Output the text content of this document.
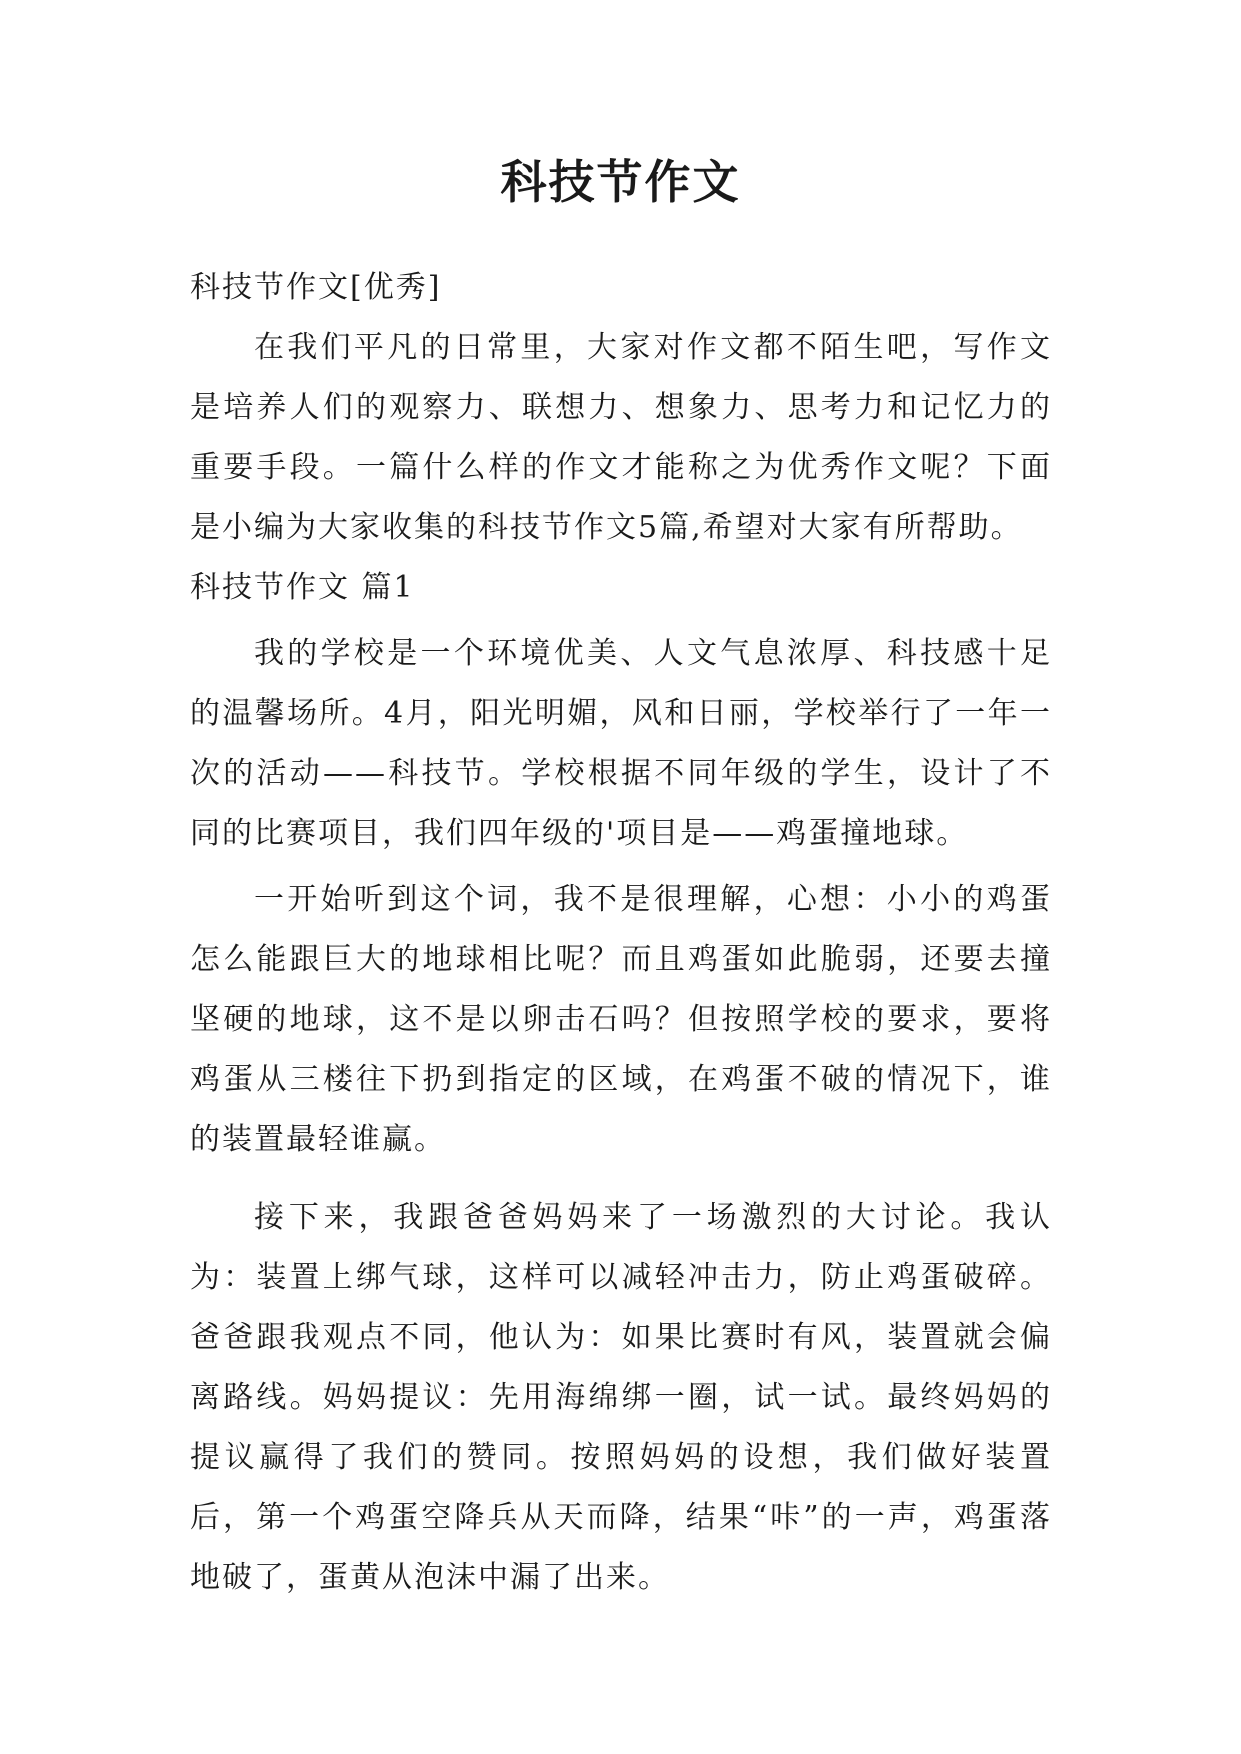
科技节作文
科技节作文[优秀]

在我们平凡的日常里，大家对作文都不陌生吧，写作文是培养人们的观察力、联想力、想象力、思考力和记忆力的重要手段。一篇什么样的作文才能称之为优秀作文呢？下面是小编为大家收集的科技节作文5篇,希望对大家有所帮助。

科技节作文 篇1

我的学校是一个环境优美、人文气息浓厚、科技感十足的温馨场所。4月，阳光明媚，风和日丽，学校举行了一年一次的活动——科技节。学校根据不同年级的学生，设计了不同的比赛项目，我们四年级的'项目是——鸡蛋撞地球。

一开始听到这个词，我不是很理解，心想：小小的鸡蛋怎么能跟巨大的地球相比呢？而且鸡蛋如此脆弱，还要去撞坚硬的地球，这不是以卵击石吗？但按照学校的要求，要将鸡蛋从三楼往下扔到指定的区域，在鸡蛋不破的情况下，谁的装置最轻谁赢。

接下来，我跟爸爸妈妈来了一场激烈的大讨论。我认为：装置上绑气球，这样可以减轻冲击力，防止鸡蛋破碎。爸爸跟我观点不同，他认为：如果比赛时有风，装置就会偏离路线。妈妈提议：先用海绵绑一圈，试一试。最终妈妈的提议赢得了我们的赞同。按照妈妈的设想，我们做好装置后，第一个鸡蛋空降兵从天而降，结果“咔”的一声，鸡蛋落地破了，蛋黄从泡沫中漏了出来。
